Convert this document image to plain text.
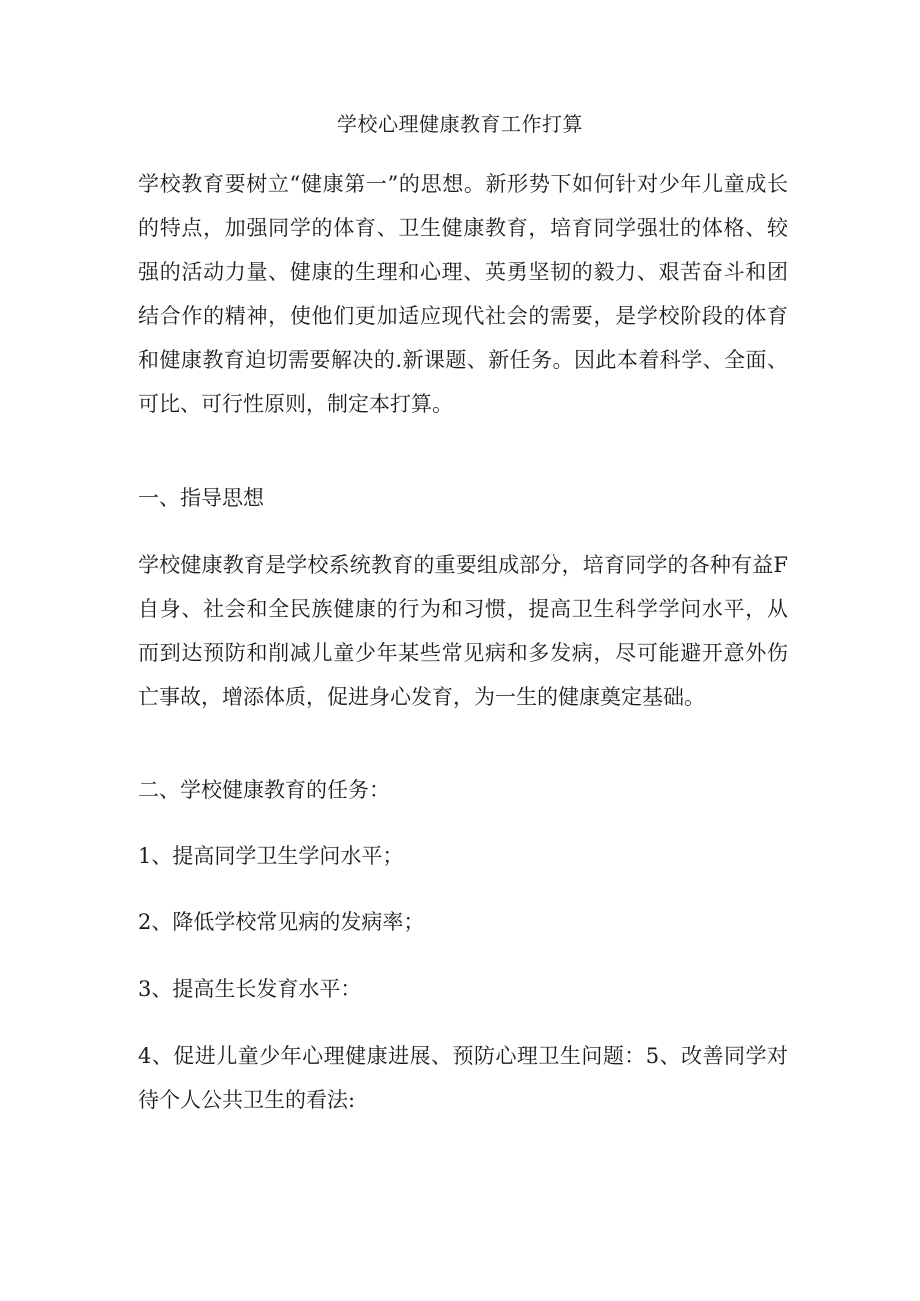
学校心理健康教育工作打算
学校教育要树立“健康第一”的思想。新形势下如何针对少年儿童成长的特点，加强同学的体育、卫生健康教育，培育同学强壮的体格、较强的活动力量、健康的生理和心理、英勇坚韧的毅力、艰苦奋斗和团结合作的精神，使他们更加适应现代社会的需要，是学校阶段的体育和健康教育迫切需要解决的.新课题、新任务。因此本着科学、全面、可比、可行性原则，制定本打算。
一、指导思想
学校健康教育是学校系统教育的重要组成部分，培育同学的各种有益F自身、社会和全民族健康的行为和习惯，提高卫生科学学问水平，从而到达预防和削减儿童少年某些常见病和多发病，尽可能避开意外伤亡事故，增添体质，促进身心发育，为一生的健康奠定基础。
二、学校健康教育的任务：
1、提高同学卫生学问水平；
2、降低学校常见病的发病率；
3、提高生长发育水平：
4、促进儿童少年心理健康进展、预防心理卫生问题：5、改善同学对待个人公共卫生的看法:
